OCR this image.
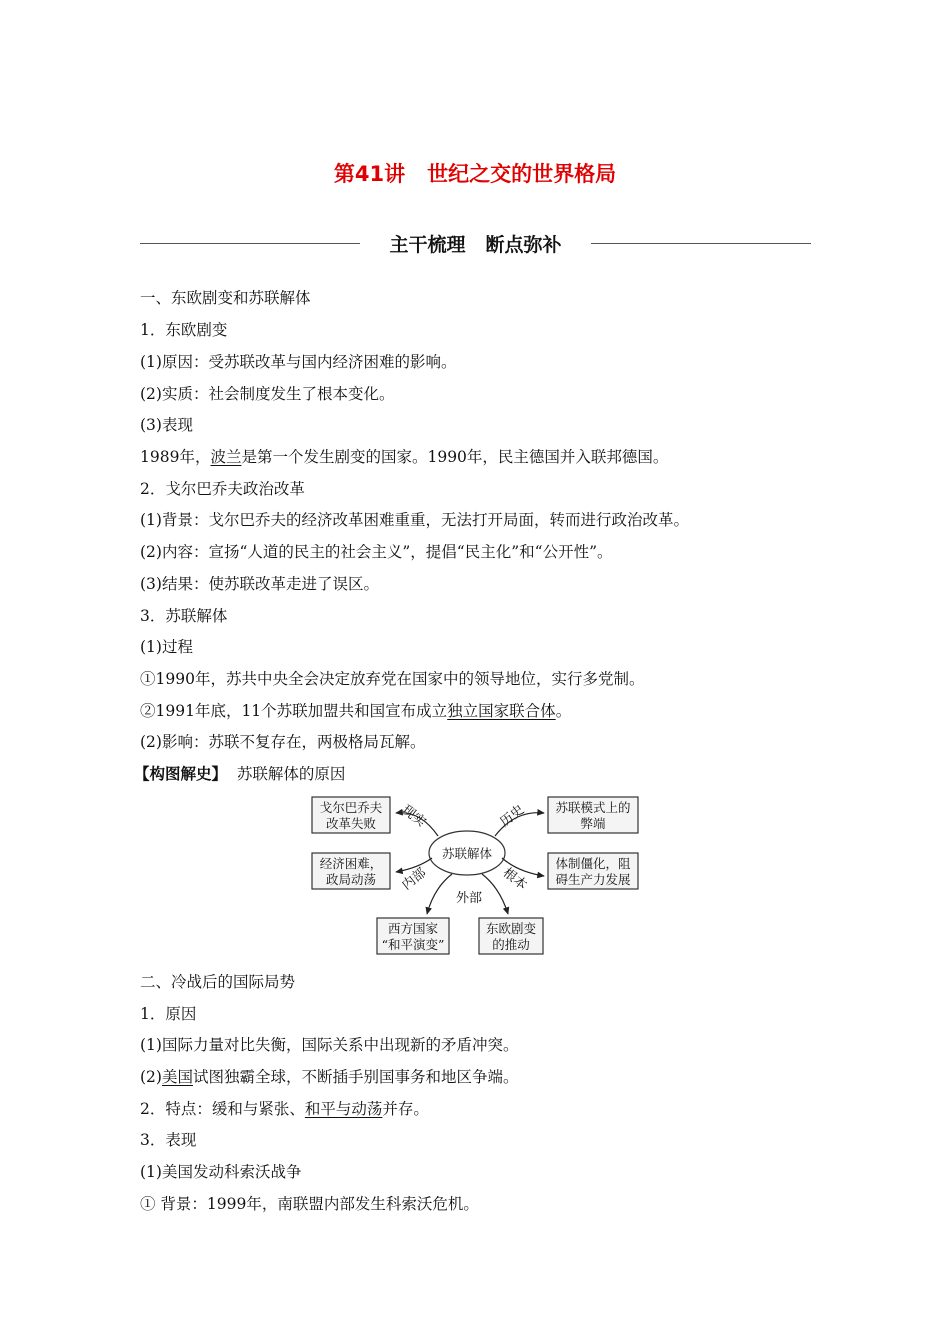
第41讲 世纪之交的世界格局
主干梳理 断点弥补
一、东欧剧变和苏联解体
1．东欧剧变
(1)原因：受苏联改革与国内经济困难的影响。
(2)实质：社会制度发生了根本变化。
(3)表现
1989年，波兰是第一个发生剧变的国家。1990年，民主德国并入联邦德国。
2．戈尔巴乔夫政治改革
(1)背景：戈尔巴乔夫的经济改革困难重重，无法打开局面，转而进行政治改革。
(2)内容：宣扬“人道的民主的社会主义”，提倡“民主化”和“公开性”。
(3)结果：使苏联改革走进了误区。
3．苏联解体
(1)过程
①1990年，苏共中央全会决定放弃党在国家中的领导地位，实行多党制。
②1991年底，11个苏联加盟共和国宣布成立独立国家联合体。
(2)影响：苏联不复存在，两极格局瓦解。
【构图解史】 苏联解体的原因
苏联解体
戈尔巴乔夫
改革失败
经济困难，
政局动荡
苏联模式上的
弊端
体制僵化，阻
碍生产力发展
西方国家
“和平演变”
东欧剧变
的推动
现实	历史
内部	根本
外部
二、冷战后的国际局势
1．原因
(1)国际力量对比失衡，国际关系中出现新的矛盾冲突。
(2)美国试图独霸全球，不断插手别国事务和地区争端。
2．特点：缓和与紧张、和平与动荡并存。
3．表现
(1)美国发动科索沃战争
① 背景：1999年，南联盟内部发生科索沃危机。
